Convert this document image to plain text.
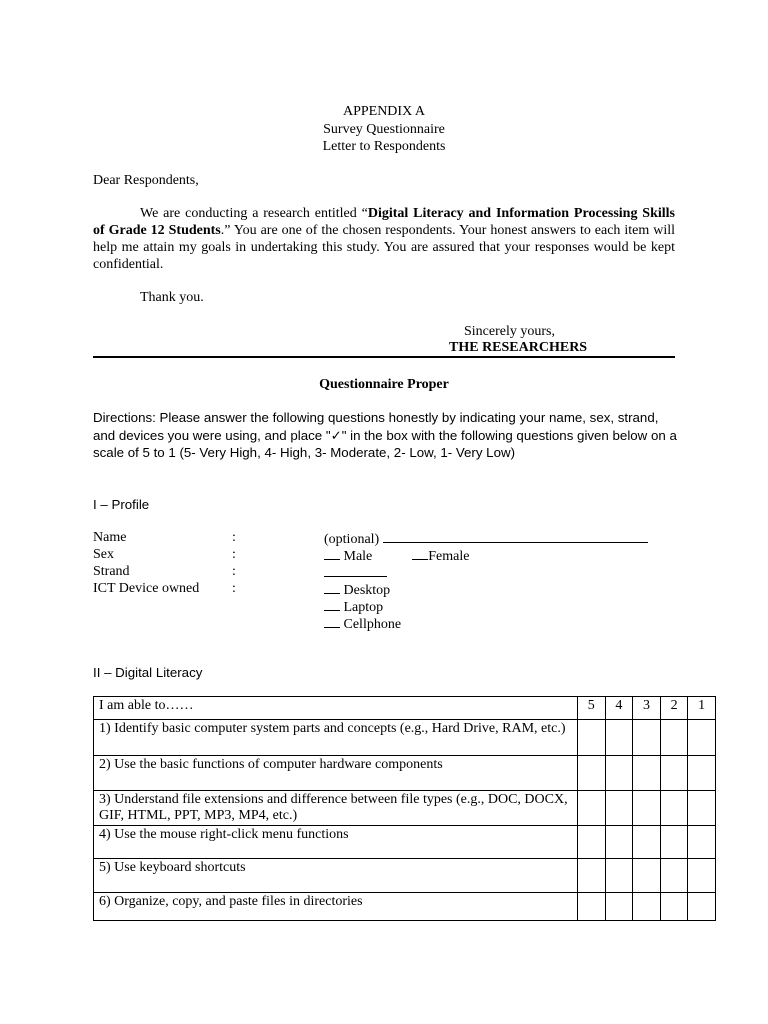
APPENDIX A
Survey Questionnaire
Letter to Respondents
Dear Respondents,
We are conducting a research entitled “Digital Literacy and Information Processing Skills of Grade 12 Students.” You are one of the chosen respondents. Your honest answers to each item will help me attain my goals in undertaking this study. You are assured that your responses would be kept confidential.
Thank you.
Sincerely yours,
THE RESEARCHERS
Questionnaire Proper
Directions: Please answer the following questions honestly by indicating your name, sex, strand, and devices you were using, and place "✓" in the box with the following questions given below on a scale of 5 to 1 (5- Very High, 4- High, 3- Moderate, 2- Low, 1- Very Low)
I – Profile
Name	:	(optional)
Sex	:	Male	Female
Strand	:
ICT Device owned :	Desktop
Laptop
Cellphone
II – Digital Literacy
I am able to……	5	4	3	2	1
1) Identify basic computer system parts and concepts (e.g., Hard Drive, RAM, etc.)					
2) Use the basic functions of computer hardware components					
3) Understand file extensions and difference between file types (e.g., DOC, DOCX, GIF, HTML, PPT, MP3, MP4, etc.)					
4) Use the mouse right-click menu functions					
5) Use keyboard shortcuts					
6) Organize, copy, and paste files in directories					
